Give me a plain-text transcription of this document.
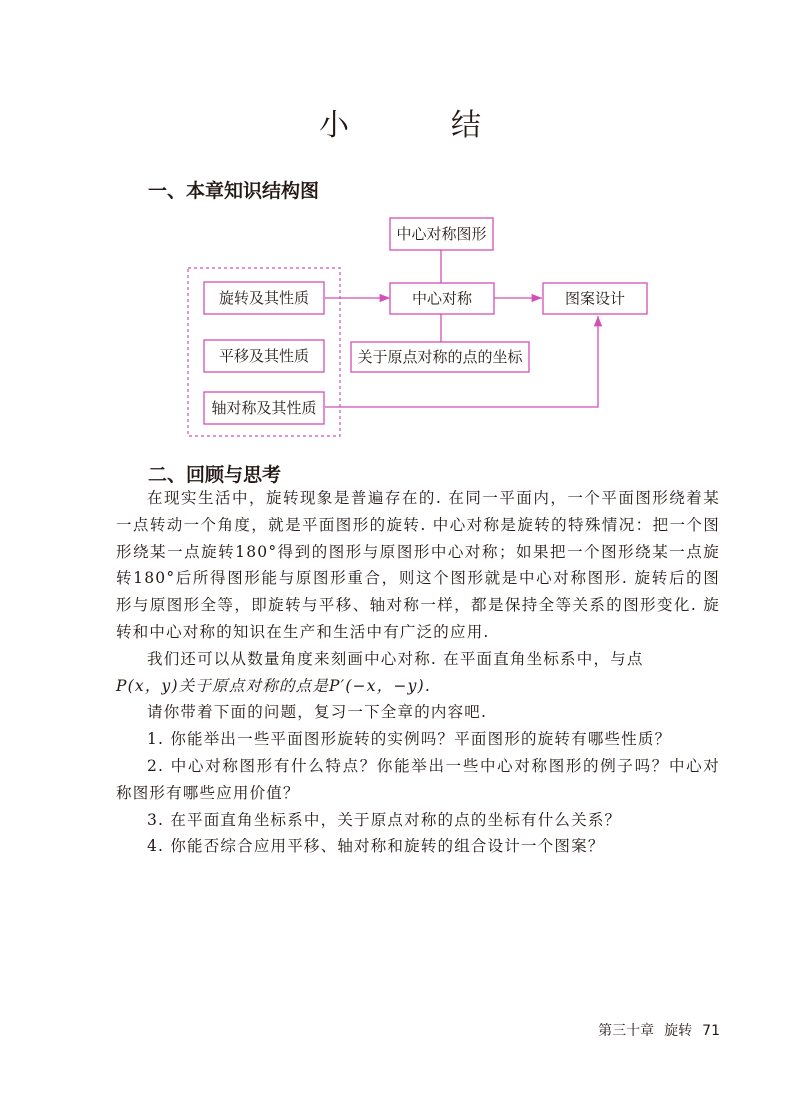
小　结
一、本章知识结构图
中心对称图形
旋转及其性质	中心对称	图案设计
平移及其性质	关于原点对称的点的坐标
轴对称及其性质
二、回顾与思考

在现实生活中，旋转现象是普遍存在的. 在同一平面内，一个平面图形绕着某一点转动一个角度，就是平面图形的旋转. 中心对称是旋转的特殊情况：把一个图形绕某一点旋转180°得到的图形与原图形中心对称；如果把一个图形绕某一点旋转180°后所得图形能与原图形重合，则这个图形就是中心对称图形. 旋转后的图形与原图形全等，即旋转与平移、轴对称一样，都是保持全等关系的图形变化. 旋转和中心对称的知识在生产和生活中有广泛的应用.

我们还可以从数量角度来刻画中心对称. 在平面直角坐标系中，与点

P(x，y)关于原点对称的点是P′(−x，−y).

请你带着下面的问题，复习一下全章的内容吧.

1. 你能举出一些平面图形旋转的实例吗？平面图形的旋转有哪些性质？

2. 中心对称图形有什么特点？你能举出一些中心对称图形的例子吗？中心对称图形有哪些应用价值？

3. 在平面直角坐标系中，关于原点对称的点的坐标有什么关系？

4. 你能否综合应用平移、轴对称和旋转的组合设计一个图案？

第三十章 旋转 71
